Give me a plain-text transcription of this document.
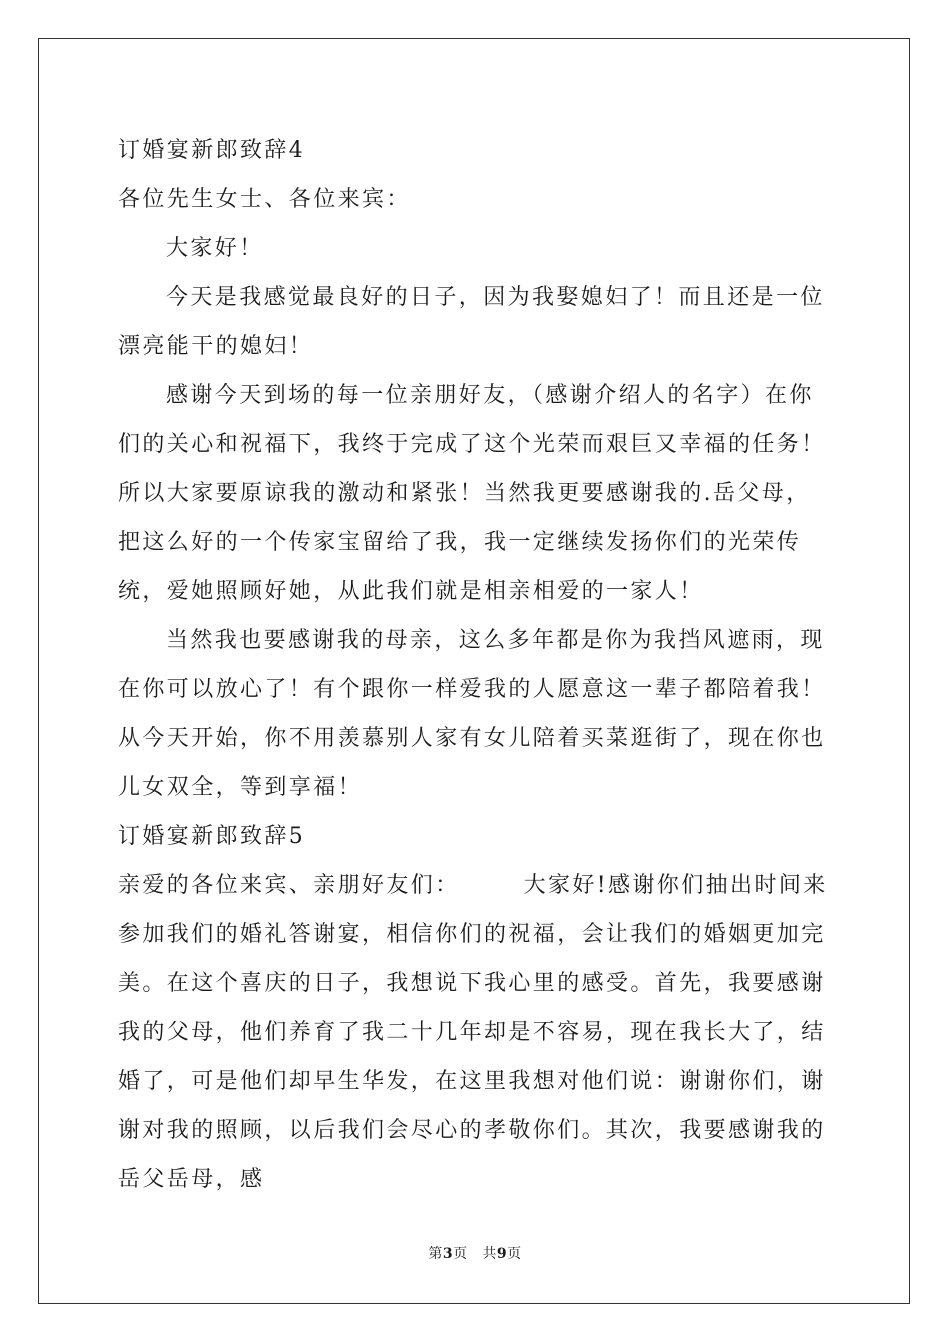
订婚宴新郎致辞4

各位先生女士、各位来宾：

大家好！

今天是我感觉最良好的日子，因为我娶媳妇了！而且还是一位漂亮能干的媳妇！

感谢今天到场的每一位亲朋好友，（感谢介绍人的名字）在你们的关心和祝福下，我终于完成了这个光荣而艰巨又幸福的任务！所以大家要原谅我的激动和紧张！当然我更要感谢我的.岳父母，把这么好的一个传家宝留给了我，我一定继续发扬你们的光荣传统，爱她照顾好她，从此我们就是相亲相爱的一家人！

当然我也要感谢我的母亲，这么多年都是你为我挡风遮雨，现在你可以放心了！有个跟你一样爱我的人愿意这一辈子都陪着我！从今天开始，你不用羡慕别人家有女儿陪着买菜逛街了，现在你也儿女双全，等到享福！

订婚宴新郎致辞5

亲爱的各位来宾、亲朋好友们：	大家好!感谢你们抽出时间来参加我们的婚礼答谢宴，相信你们的祝福，会让我们的婚姻更加完美。在这个喜庆的日子，我想说下我心里的感受。首先，我要感谢我的父母，他们养育了我二十几年却是不容易，现在我长大了，结婚了，可是他们却早生华发，在这里我想对他们说：谢谢你们，谢谢对我的照顾，以后我们会尽心的孝敬你们。其次，我要感谢我的岳父岳母，感

第3页 共9页
